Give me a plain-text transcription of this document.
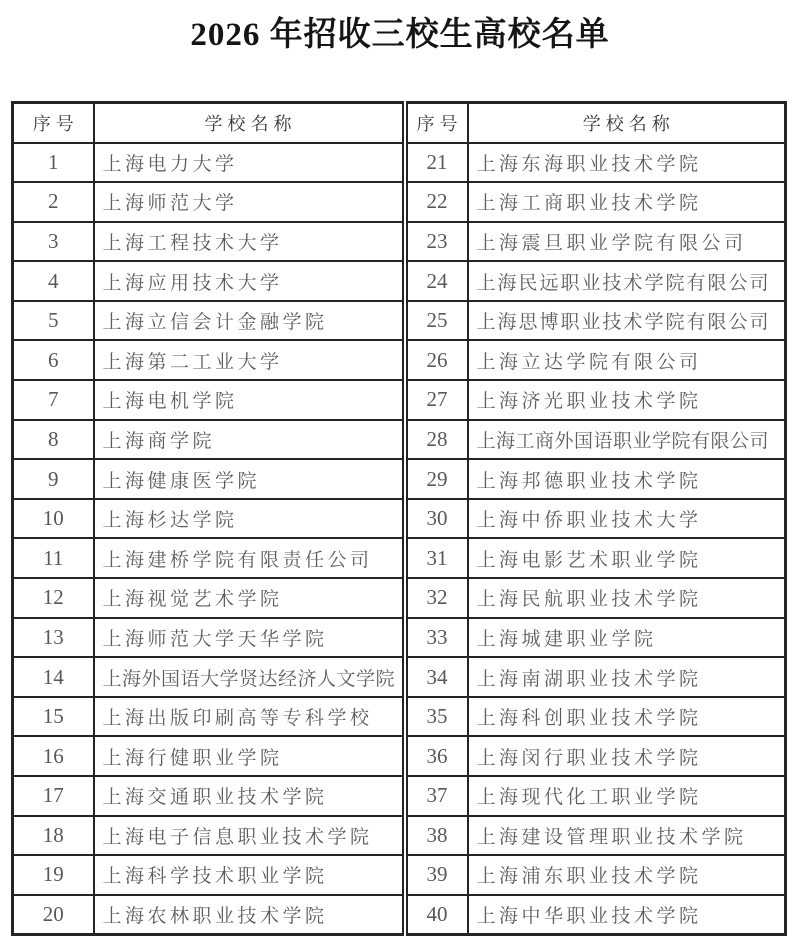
2026 年招收三校生高校名单
序号	学校名称	序号	学校名称
1	上海电力大学	21	上海东海职业技术学院
2	上海师范大学	22	上海工商职业技术学院
3	上海工程技术大学	23	上海震旦职业学院有限公司
4	上海应用技术大学	24	上海民远职业技术学院有限公司
5	上海立信会计金融学院	25	上海思博职业技术学院有限公司
6	上海第二工业大学	26	上海立达学院有限公司
7	上海电机学院	27	上海济光职业技术学院
8	上海商学院	28	上海工商外国语职业学院有限公司
9	上海健康医学院	29	上海邦德职业技术学院
10	上海杉达学院	30	上海中侨职业技术大学
11	上海建桥学院有限责任公司	31	上海电影艺术职业学院
12	上海视觉艺术学院	32	上海民航职业技术学院
13	上海师范大学天华学院	33	上海城建职业学院
14	上海外国语大学贤达经济人文学院	34	上海南湖职业技术学院
15	上海出版印刷高等专科学校	35	上海科创职业技术学院
16	上海行健职业学院	36	上海闵行职业技术学院
17	上海交通职业技术学院	37	上海现代化工职业学院
18	上海电子信息职业技术学院	38	上海建设管理职业技术学院
19	上海科学技术职业学院	39	上海浦东职业技术学院
20	上海农林职业技术学院	40	上海中华职业技术学院
